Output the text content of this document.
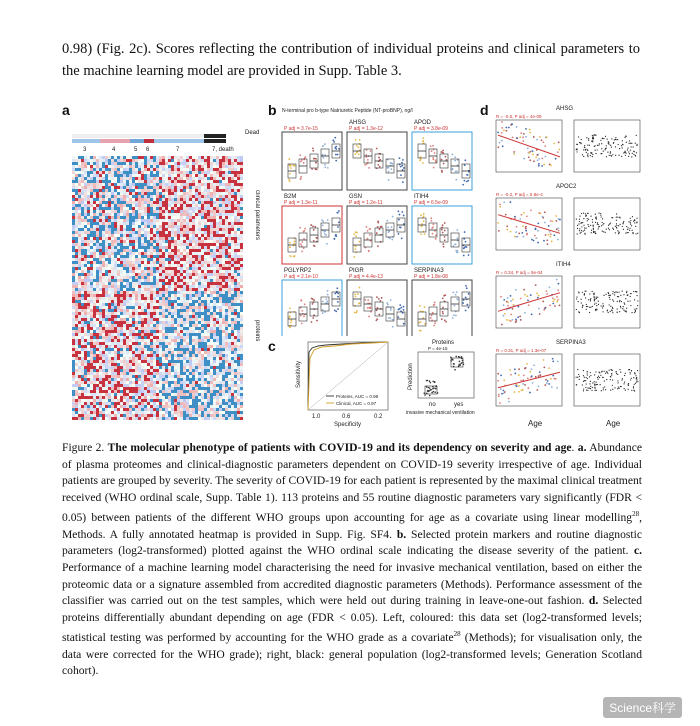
0.98) (Fig. 2c). Scores reflecting the contribution of individual proteins and clinical parameters to the machine learning model are provided in Supp. Table 3.
a
Dead
3	4	5 6	7	7, death
clinical parameters
proteins
b N-terminal pro b-type Natriuretic Peptide (NT-proBNP), ng/l
P adj = 3.7e-15
AHSG
P adj = 1.3e-12
APOD
P adj = 3.8e-09
B2M
P adj = 1.3e-11
GSN
P adj = 1.2e-11
ITIH4
P adj = 6.5e-09
PGLYRP2
P adj = 2.1e-10
PIGR
P adj = 4.4e-13
SERPINA3
P adj = 1.8e-08
c
Sensitivity
Specificity
1.0	0.6	0.2
Proteins, AUC = 0.98
Clinical, AUC = 0.97
Proteins
P = 4e-15
Prediction
no	yes
invasive mechanical ventilation
d	AHSG
R = -0.5, P adj = 4e-09
APOC2
R = -0.2, P adj = 5.8e-4
ITIH4
R = 0.34, P adj = 5e-04
SERPINA3
R = 0.31, P adj = 1.3e-07
Age	Age
Figure 2. The molecular phenotype of patients with COVID-19 and its dependency on severity and age. a. Abundance of plasma proteomes and clinical-diagnostic parameters dependent on COVID-19 severity irrespective of age. Individual patients are grouped by severity. The severity of COVID-19 for each patient is represented by the maximal clinical treatment received (WHO ordinal scale, Supp. Table 1). 113 proteins and 55 routine diagnostic parameters vary significantly (FDR < 0.05) between patients of the different WHO groups upon accounting for age as a covariate using linear modelling$^{28}$, Methods. A fully annotated heatmap is provided in Supp. Fig. SF4. b. Selected protein markers and routine diagnostic parameters (log2-transformed) plotted against the WHO ordinal scale indicating the disease severity of the patient. c. Performance of a machine learning model characterising the need for invasive mechanical ventilation, based on either the proteomic data or a signature assembled from accredited diagnostic parameters (Methods). Performance assessment of the classifier was carried out on the test samples, which were held out during training in leave-one-out fashion. d. Selected proteins differentially abundant depending on age (FDR < 0.05). Left, coloured: this data set (log2-transformed levels; statistical testing was performed by accounting for the WHO grade as a covariate$^{28}$ (Methods); for visualisation only, the data were corrected for the WHO grade); right, black: general population (log2-transformed levels; Generation Scotland cohort).
Science科学
